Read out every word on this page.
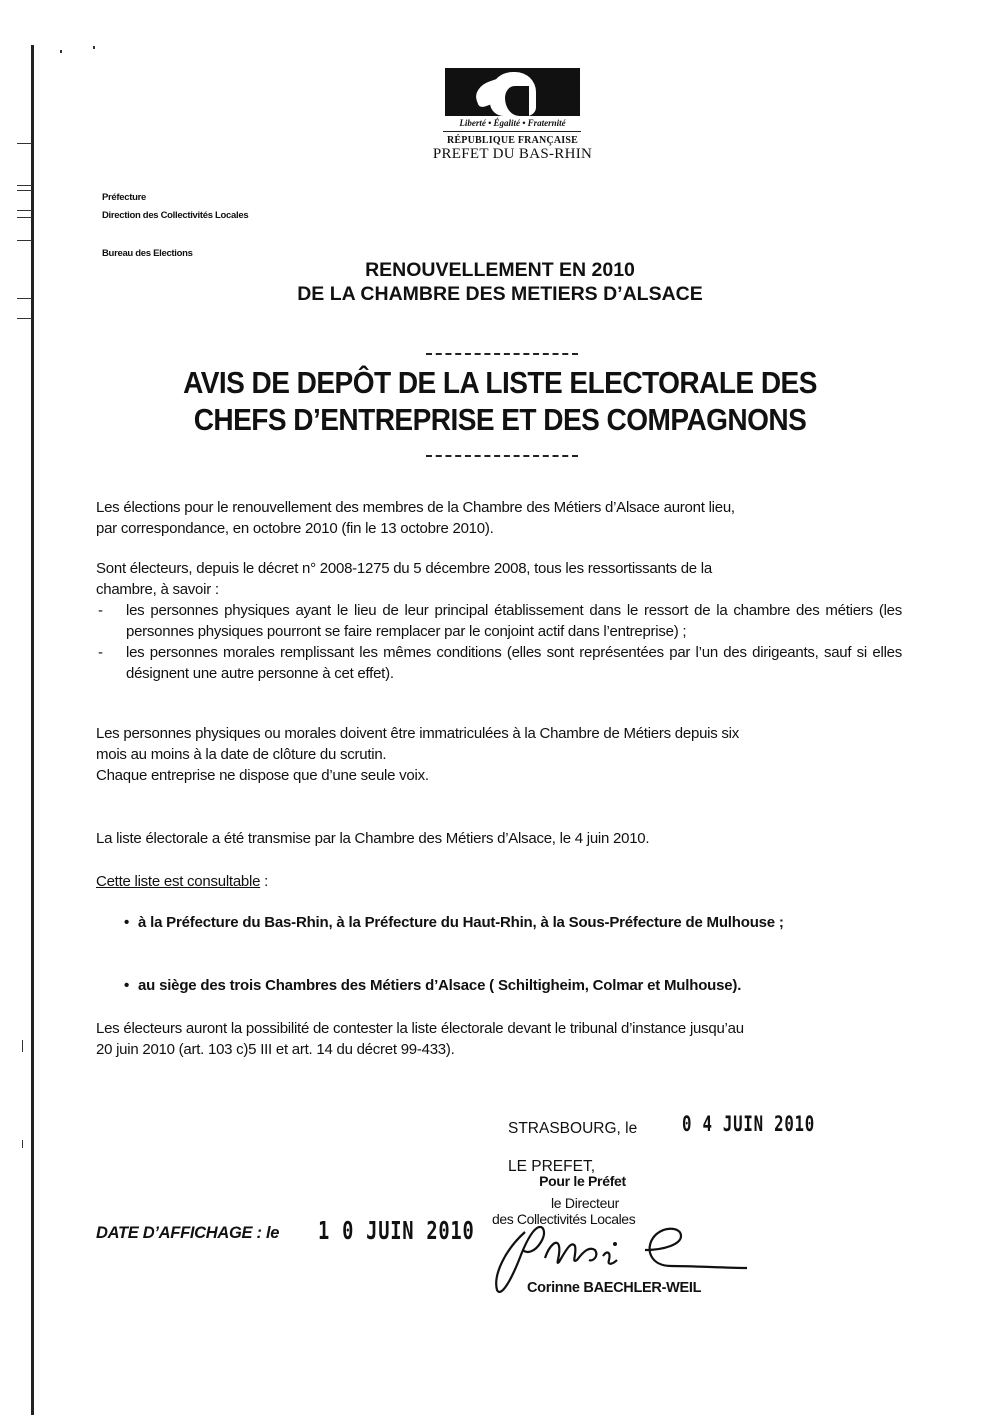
Liberté • Égalité • Fraternité
RÉPUBLIQUE FRANÇAISE
PREFET DU BAS-RHIN
Préfecture
Direction des Collectivités Locales
Bureau des Elections
RENOUVELLEMENT EN 2010
DE LA CHAMBRE DES METIERS D’ALSACE
AVIS DE DEPÔT DE LA LISTE ELECTORALE DES
CHEFS D’ENTREPRISE ET DES COMPAGNONS
Les élections pour le renouvellement des membres de la Chambre des Métiers d’Alsace auront lieu,
par correspondance, en octobre 2010 (fin le 13 octobre 2010).
Sont électeurs, depuis le décret n° 2008-1275 du 5 décembre 2008, tous les ressortissants de la
chambre, à savoir :
- les personnes physiques ayant le lieu de leur principal établissement dans le ressort de la chambre des métiers (les personnes physiques pourront se faire remplacer par le conjoint actif dans l’entreprise) ;
- les personnes morales remplissant les mêmes conditions (elles sont représentées par l’un des dirigeants, sauf si elles désignent une autre personne à cet effet).
Les personnes physiques ou morales doivent être immatriculées à la Chambre de Métiers depuis six
mois au moins à la date de clôture du scrutin.
Chaque entreprise ne dispose que d’une seule voix.
La liste électorale a été transmise par la Chambre des Métiers d’Alsace, le 4 juin 2010.
Cette liste est consultable :
• à la Préfecture du Bas-Rhin, à la Préfecture du Haut-Rhin, à la Sous-Préfecture de Mulhouse ;
• au siège des trois Chambres des Métiers d’Alsace ( Schiltigheim, Colmar et Mulhouse).
Les électeurs auront la possibilité de contester la liste électorale devant le tribunal d’instance jusqu’au
20 juin 2010 (art. 103 c)5 III et art. 14 du décret 99-433).
STRASBOURG, le 0 4 JUIN 2010
LE PREFET,
Pour le Préfet
le Directeur
des Collectivités Locales
Corinne BAECHLER-WEIL
DATE D’AFFICHAGE : le 1 0 JUIN 2010
